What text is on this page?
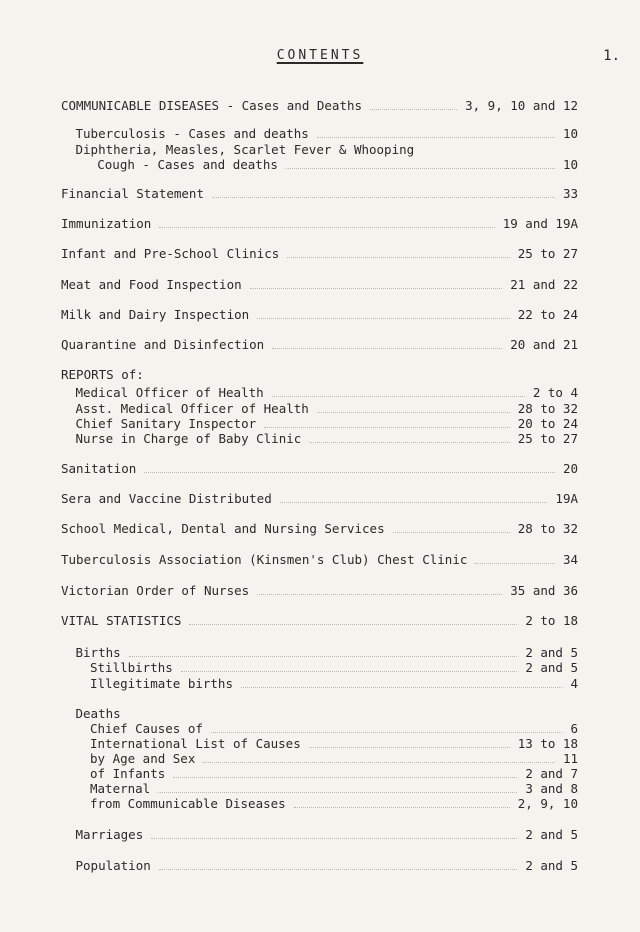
CONTENTS	1.
COMMUNICABLE DISEASES - Cases and Deaths	3, 9, 10 and 12
Tuberculosis - Cases and deaths	10
Diphtheria, Measles, Scarlet Fever & Whooping
Cough - Cases and deaths	10
Financial Statement	33
Immunization	19 and 19A
Infant and Pre-School Clinics	25 to 27
Meat and Food Inspection	21 and 22
Milk and Dairy Inspection	22 to 24
Quarantine and Disinfection	20 and 21
REPORTS of:
Medical Officer of Health	2 to 4
Asst. Medical Officer of Health	28 to 32
Chief Sanitary Inspector	20 to 24
Nurse in Charge of Baby Clinic	25 to 27
Sanitation	20
Sera and Vaccine Distributed	19A
School Medical, Dental and Nursing Services	28 to 32
Tuberculosis Association (Kinsmen's Club) Chest Clinic	34
Victorian Order of Nurses	35 and 36
VITAL STATISTICS	2 to 18
Births	2 and 5
Stillbirths	2 and 5
Illegitimate births	4
Deaths
Chief Causes of	6
International List of Causes	13 to 18
by Age and Sex	11
of Infants	2 and 7
Maternal	3 and 8
from Communicable Diseases	2, 9, 10
Marriages	2 and 5
Population	2 and 5
